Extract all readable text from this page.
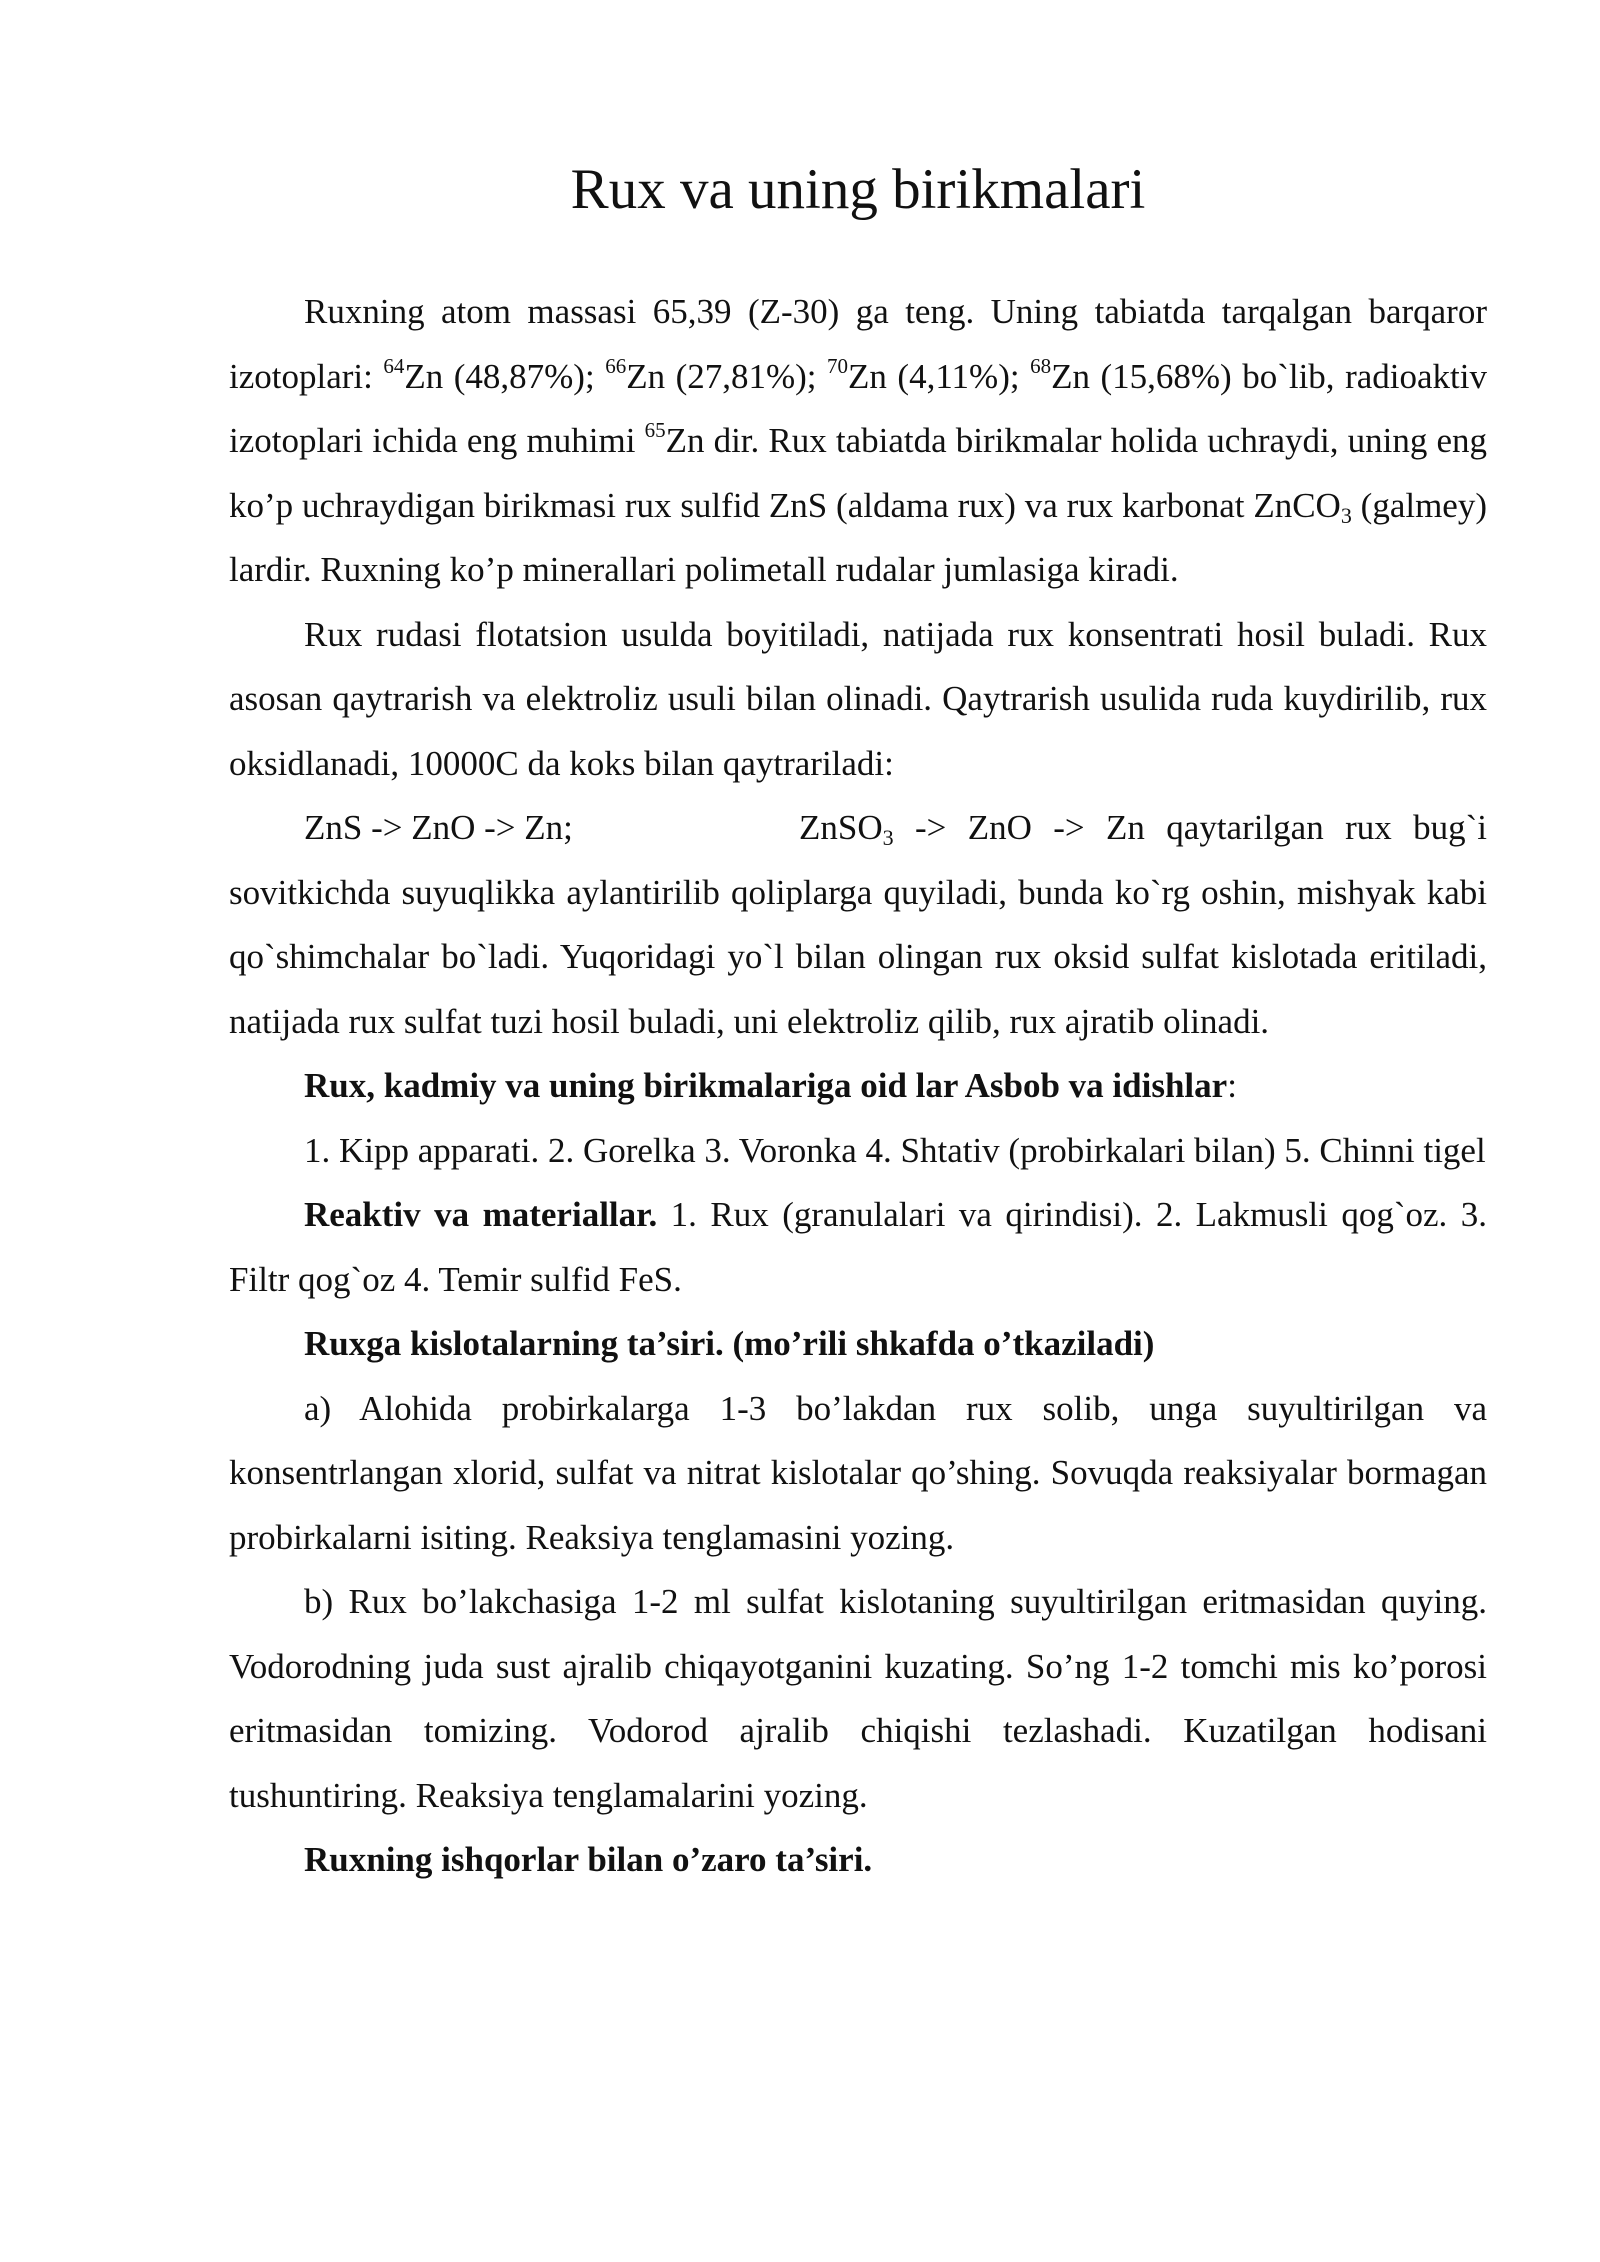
Rux va uning birikmalari

Ruxning atom massasi 65,39 (Z-30) ga teng. Uning tabiatda tarqalgan barqaror izotoplari: $^{64}$Zn (48,87%); $^{66}$Zn (27,81%); $^{70}$Zn (4,11%); $^{68}$Zn (15,68%) bo`lib, radioaktiv izotoplari ichida eng muhimi $^{65}$Zn dir. Rux tabiatda birikmalar holida uchraydi, uning eng ko’p uchraydigan birikmasi rux sulfid ZnS (aldama rux) va rux karbonat ZnCO$_3$ (galmey) lardir. Ruxning ko’p minerallari polimetall rudalar jumlasiga kiradi.

Rux rudasi flotatsion usulda boyitiladi, natijada rux konsentrati hosil buladi. Rux asosan qaytrarish va elektroliz usuli bilan olinadi. Qaytrarish usulida ruda kuydirilib, rux oksidlanadi, 10000C da koks bilan qaytrariladi:

ZnS -> ZnO -> Zn;	ZnSO$_3$ -> ZnO -> Zn qaytarilgan rux bug`i

sovitkichda suyuqlikka aylantirilib qoliplarga quyiladi, bunda ko`rg oshin, mishyak kabi qo`shimchalar bo`ladi. Yuqoridagi yo`l bilan olingan rux oksid sulfat kislotada eritiladi, natijada rux sulfat tuzi hosil buladi, uni elektroliz qilib, rux ajratib olinadi.

Rux, kadmiy va uning birikmalariga oid lar Asbob va idishlar:

1. Kipp apparati. 2. Gorelka 3. Voronka 4. Shtativ (probirkalari bilan) 5. Chinni tigel

Reaktiv va materiallar. 1. Rux (granulalari va qirindisi). 2. Lakmusli qog`oz. 3. Filtr qog`oz 4. Temir sulfid FeS.

Ruxga kislotalarning ta’siri. (mo’rili shkafda o’tkaziladi)

a) Alohida probirkalarga 1-3 bo’lakdan rux solib, unga suyultirilgan va konsentrlangan xlorid, sulfat va nitrat kislotalar qo’shing. Sovuqda reaksiyalar bormagan probirkalarni isiting. Reaksiya tenglamasini yozing.

b) Rux bo’lakchasiga 1-2 ml sulfat kislotaning suyultirilgan eritmasidan quying. Vodorodning juda sust ajralib chiqayotganini kuzating. So’ng 1-2 tomchi mis ko’porosi eritmasidan tomizing. Vodorod ajralib chiqishi tezlashadi. Kuzatilgan hodisani tushuntiring. Reaksiya tenglamalarini yozing.

Ruxning ishqorlar bilan o’zaro ta’siri.
